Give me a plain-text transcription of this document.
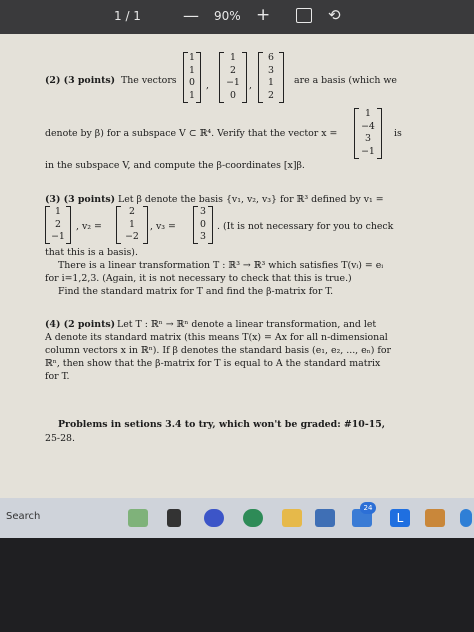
1 / 1	— 90% +	⟲
(2) (3 points) The vectors
1
1
0
1
,
1
2
−1
0
,
6
3
1
2
are a basis (which we
denote by β) for a subspace V ⊂ ℝ⁴. Verify that the vector x =
1
−4
3
−1
is
in the subspace V, and compute the β-coordinates [x]β.
(3) (3 points) Let β denote the basis {v₁, v₂, v₃} for ℝ³ defined by v₁ =
1
2
−1
, v₂ =
2
1
−2
, v₃ =
3
0
3
. (It is not necessary for you to check
that this is a basis).
There is a linear transformation T : ℝ³ → ℝ³ which satisfies T(vᵢ) = eᵢ
for i=1,2,3. (Again, it is not necessary to check that this is true.)
Find the standard matrix for T and find the β-matrix for T.
(4) (2 points) Let T : ℝⁿ → ℝⁿ denote a linear transformation, and let
A denote its standard matrix (this means T(x) = Ax for all n-dimensional
column vectors x in ℝⁿ). If β denotes the standard basis (e₁, e₂, ..., eₙ) for
ℝⁿ, then show that the β-matrix for T is equal to A the standard matrix
for T.
Problems in setions 3.4 to try, which won't be graded: #10-15,
25-28.
Search
24
L
